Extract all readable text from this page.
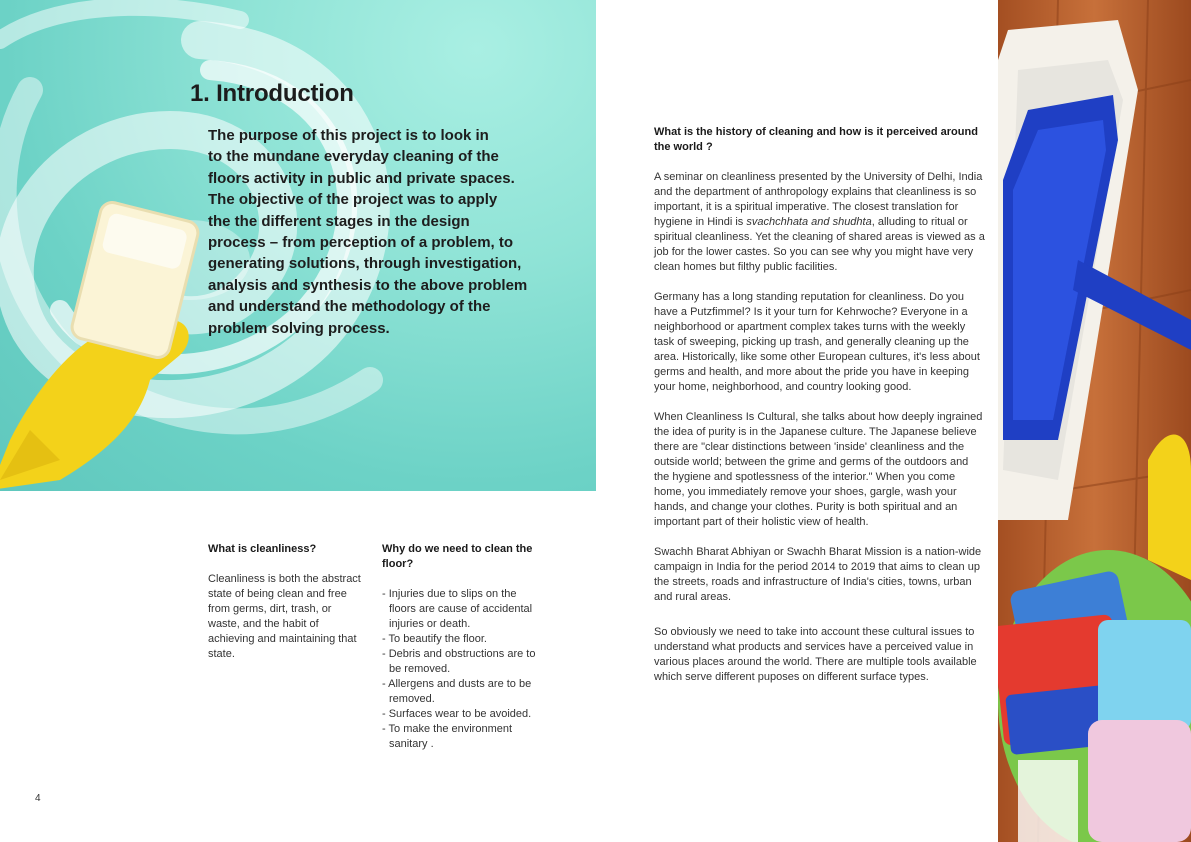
1. Introduction

The purpose of this project is to look in
to the mundane everyday cleaning of the
floors activity in public and private spaces.
The objective of the project was to apply
the the different stages in the design
process – from perception of a problem, to
generating solutions, through investigation,
analysis and synthesis to the above problem
and understand the methodology of the
problem solving process.

What is cleanliness?

Cleanliness is both the abstract state of being clean and free from germs, dirt, trash, or waste, and the habit of achieving and maintaining that state.

Why do we need to clean the floor?
- Injuries due to slips on the floors are cause of accidental injuries or death.
- To beautify the floor.
- Debris and obstructions are to be removed.
- Allergens and dusts are to be removed.
- Surfaces wear to be avoided.
- To make the environment sanitary .
What is the history of cleaning and how is it perceived around the world ?

A seminar on cleanliness presented by the University of Delhi, India and the department of anthropology explains that cleanliness is so important, it is a spiritual imperative. The closest translation for hygiene in Hindi is svachchhata and shudhta, alluding to ritual or spiritual cleanliness. Yet the cleaning of shared areas is viewed as a job for the lower castes. So you can see why you might have very clean homes but filthy public facilities.

Germany has a long standing reputation for cleanliness. Do you have a Putzfimmel? Is it your turn for Kehrwoche? Everyone in a neighborhood or apartment complex takes turns with the weekly task of sweeping, picking up trash, and generally cleaning up the area. Historically, like some other European cultures, it's less about germs and health, and more about the pride you have in keeping your home, neighborhood, and country looking good.

When Cleanliness Is Cultural, she talks about how deeply ingrained the idea of purity is in the Japanese culture. The Japanese believe there are "clear distinctions between 'inside' cleanliness and the outside world; between the grime and germs of the outdoors and the hygiene and spotlessness of the interior." When you come home, you immediately remove your shoes, gargle, wash your hands, and change your clothes. Purity is both spiritual and an important part of their holistic view of health.

Swachh Bharat Abhiyan or Swachh Bharat Mission is a nation-wide campaign in India for the period 2014 to 2019 that aims to clean up the streets, roads and infrastructure of India's cities, towns, urban and rural areas.

So obviously we need to take into account these cultural issues to understand what products and services have a perceived value in various places around the world. There are multiple tools available which serve different puposes on different surface types.

4
